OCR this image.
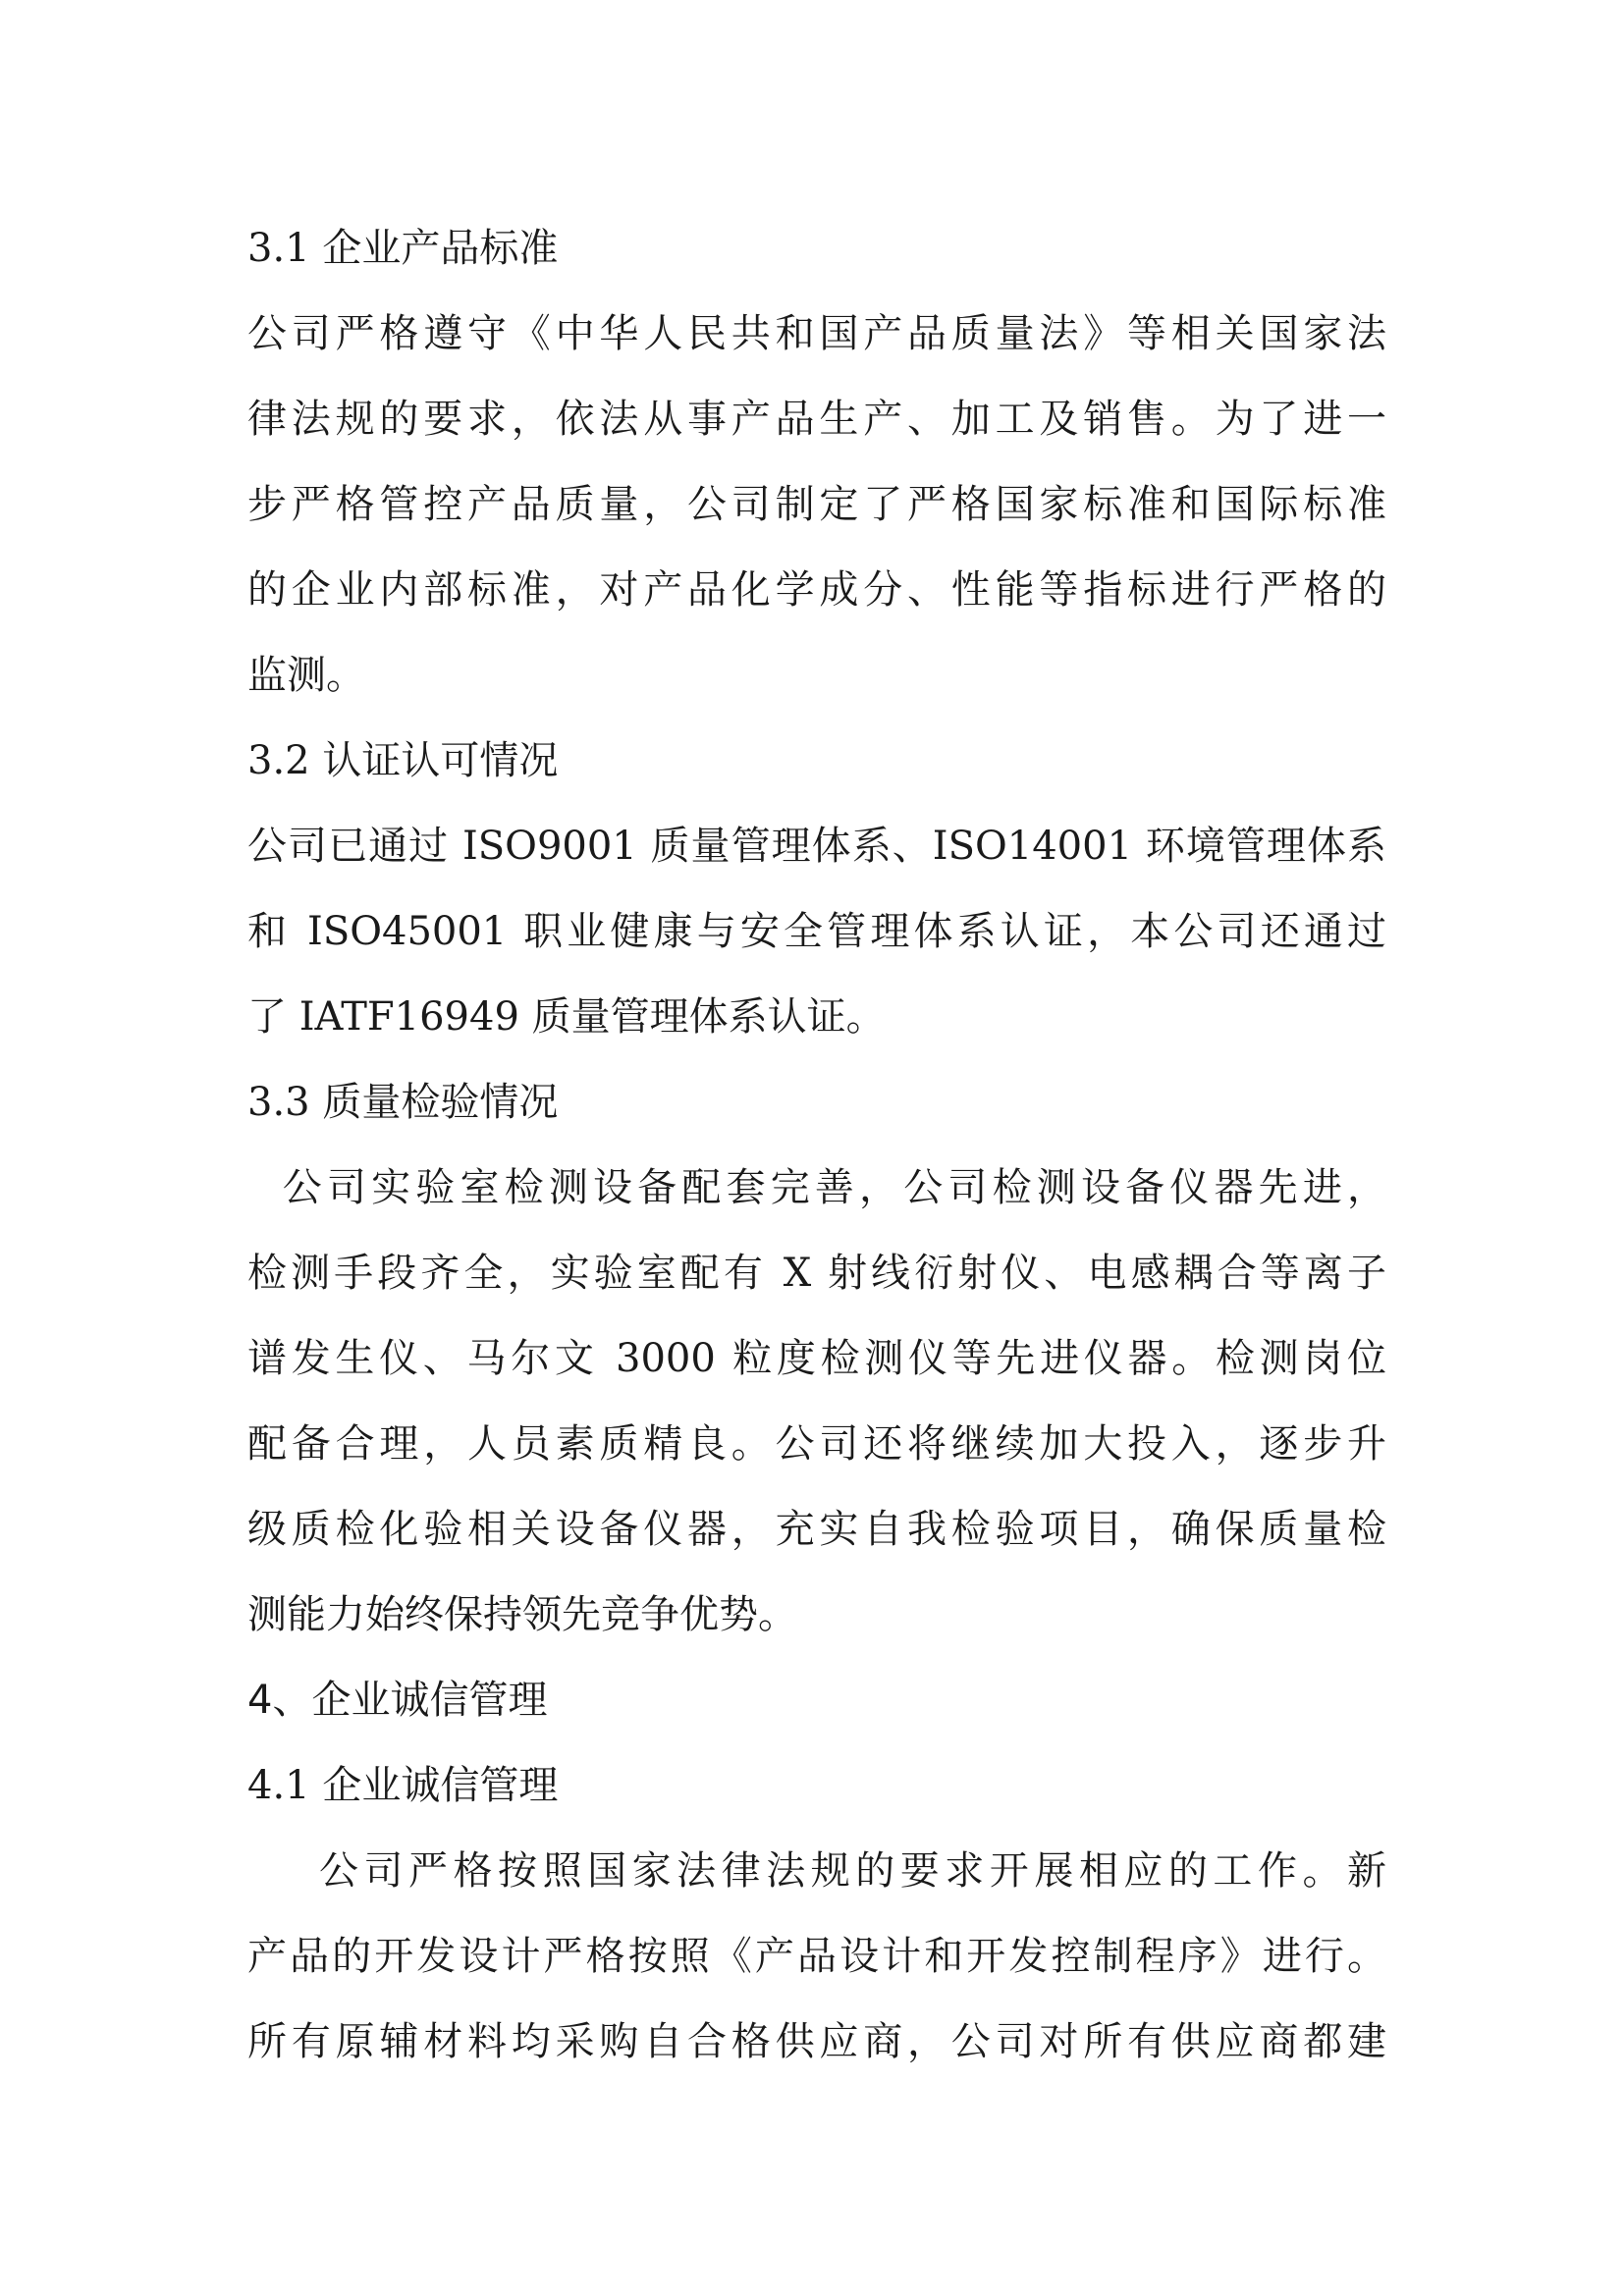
3.1 企业产品标准
公司严格遵守《中华人民共和国产品质量法》等相关国家法
律法规的要求，依法从事产品生产、加工及销售。为了进一
步严格管控产品质量，公司制定了严格国家标准和国际标准
的企业内部标准，对产品化学成分、性能等指标进行严格的
监测。
3.2 认证认可情况
公司已通过 ISO9001 质量管理体系、ISO14001 环境管理体系
和 ISO45001 职业健康与安全管理体系认证，本公司还通过
了 IATF16949 质量管理体系认证。
3.3 质量检验情况
公司实验室检测设备配套完善，公司检测设备仪器先进，
检测手段齐全，实验室配有 X 射线衍射仪、电感耦合等离子
谱发生仪、马尔文 3000 粒度检测仪等先进仪器。检测岗位
配备合理，人员素质精良。公司还将继续加大投入，逐步升
级质检化验相关设备仪器，充实自我检验项目，确保质量检
测能力始终保持领先竞争优势。
4、企业诚信管理
4.1 企业诚信管理
公司严格按照国家法律法规的要求开展相应的工作。新
产品的开发设计严格按照《产品设计和开发控制程序》进行。
所有原辅材料均采购自合格供应商，公司对所有供应商都建
